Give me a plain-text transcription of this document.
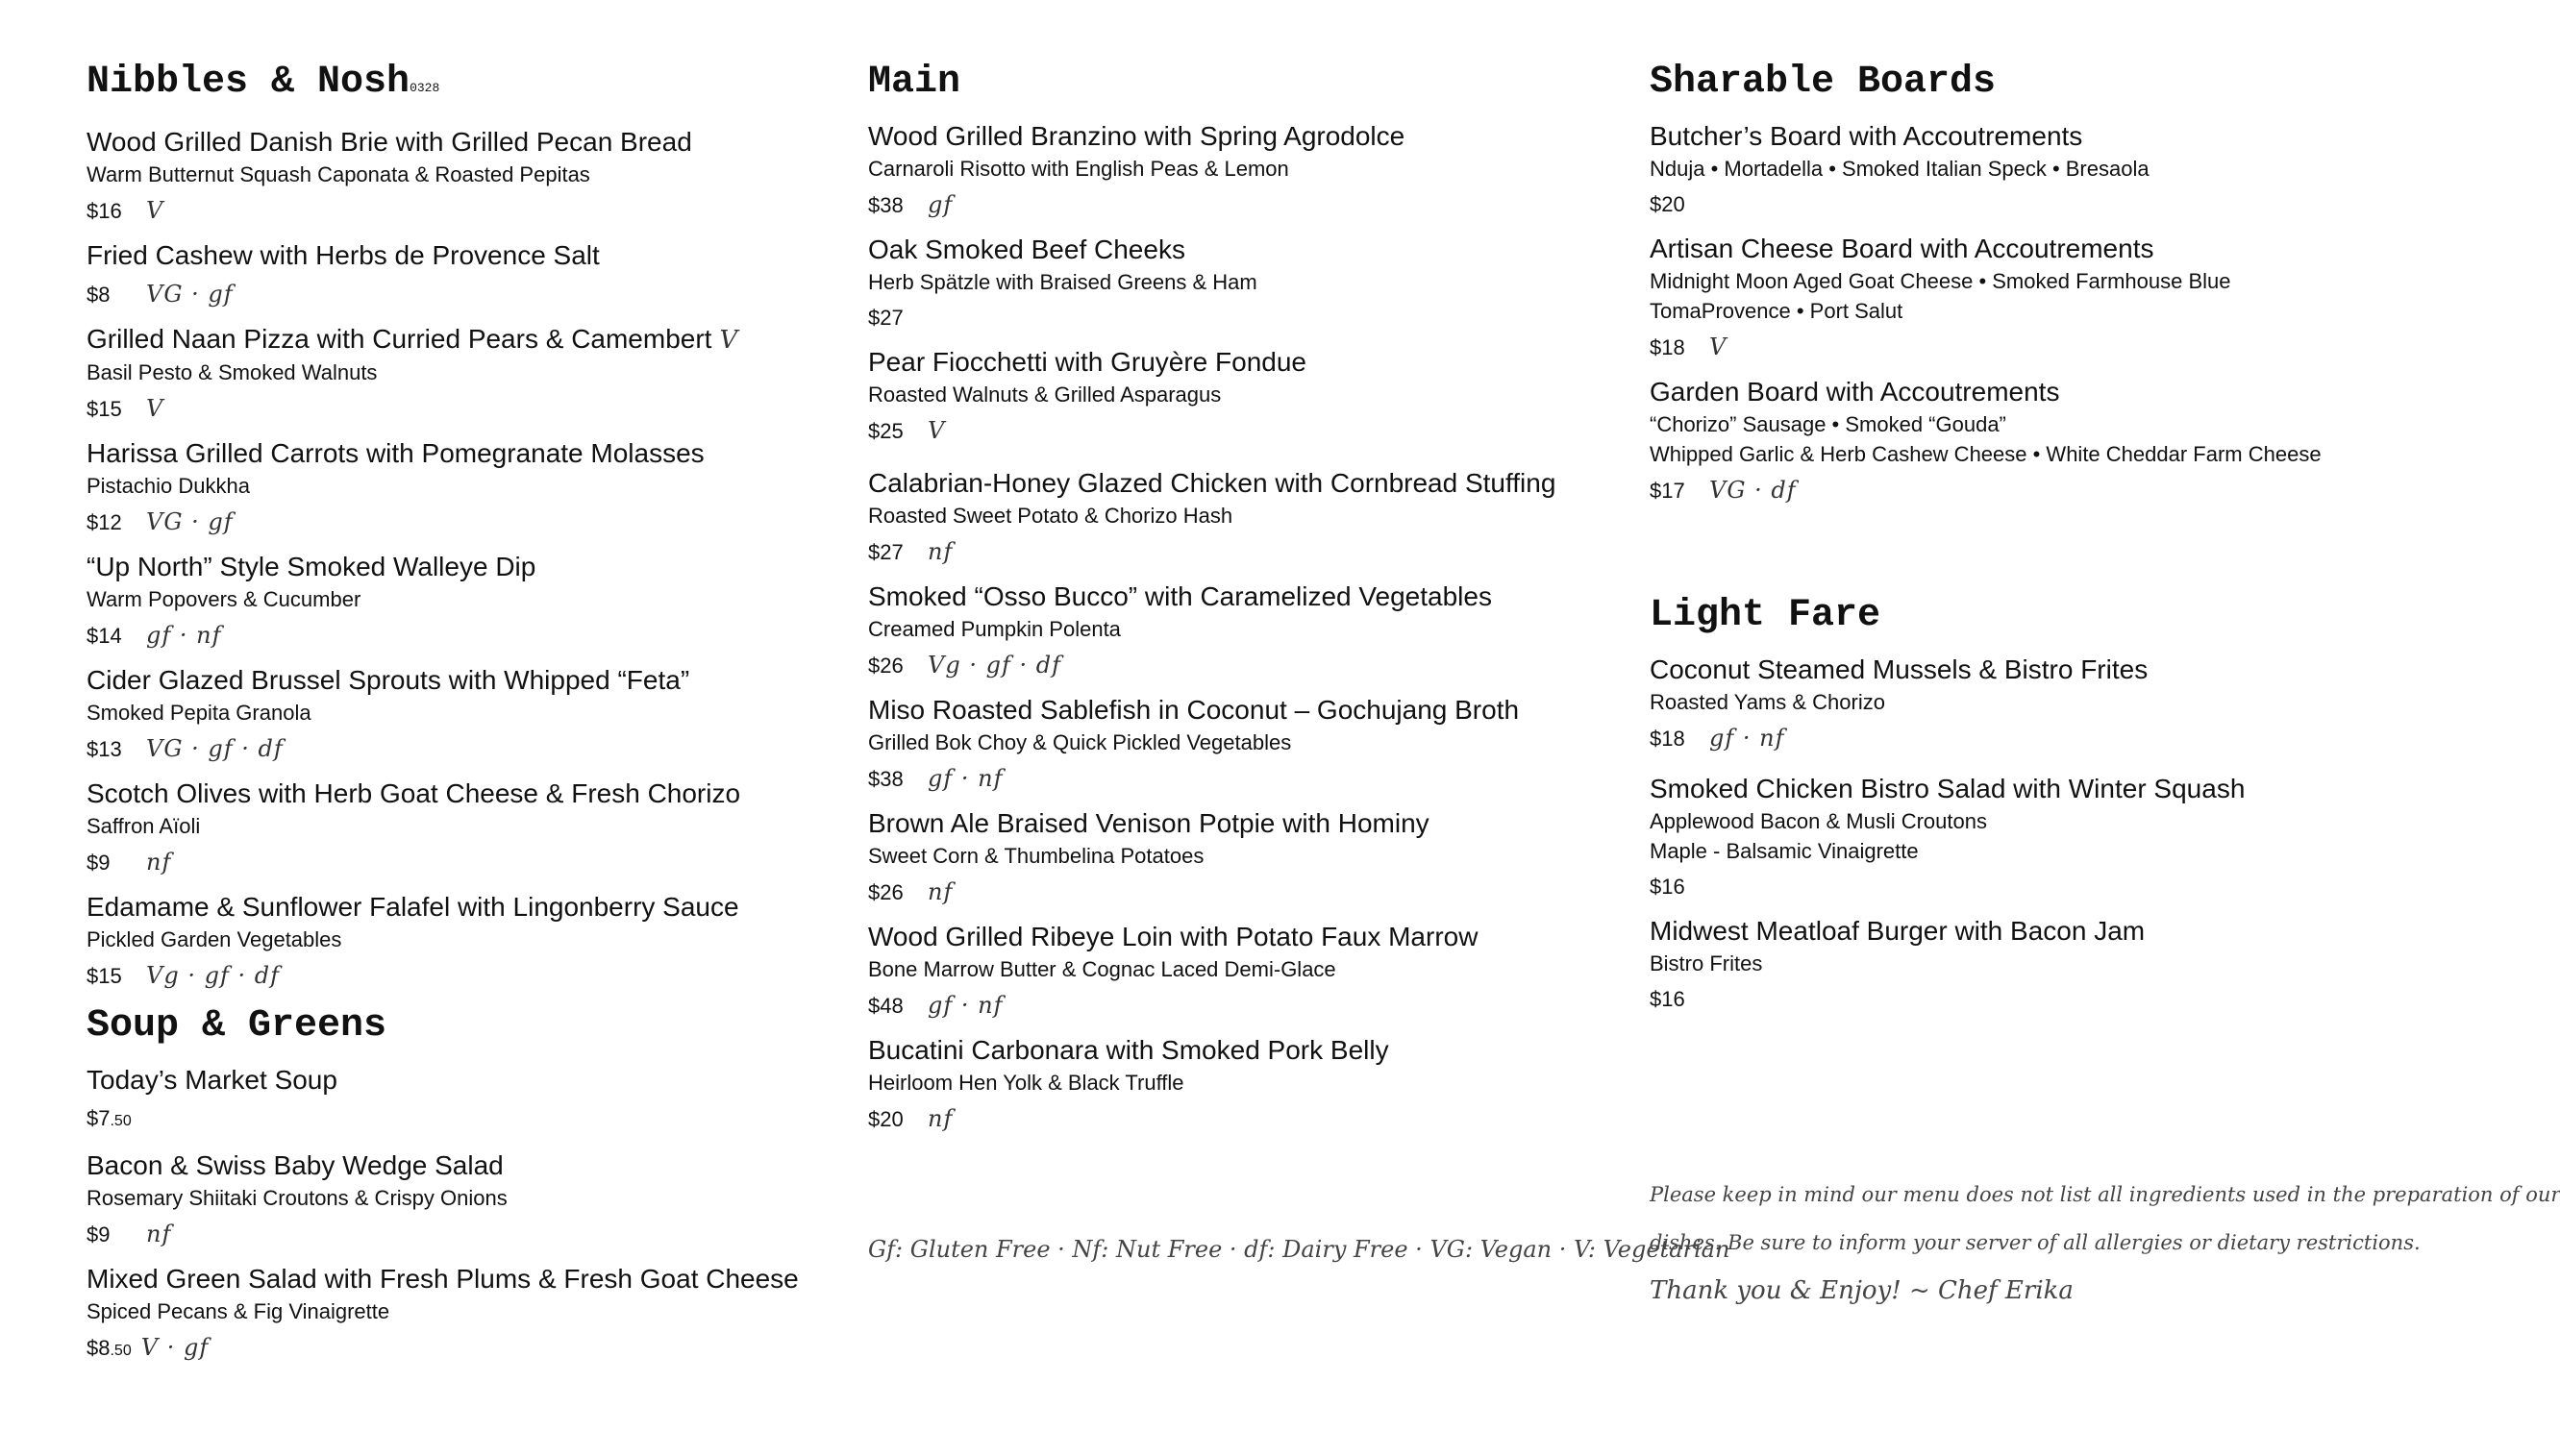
Nibbles & Nosh0328
Wood Grilled Danish Brie with Grilled Pecan Bread
Warm Butternut Squash Caponata & Roasted Pepitas
$16 V
Fried Cashew with Herbs de Provence Salt
$8 VG · gf
Grilled Naan Pizza with Curried Pears & Camembert V
Basil Pesto & Smoked Walnuts
$15 V
Harissa Grilled Carrots with Pomegranate Molasses
Pistachio Dukkha
$12 VG · gf
“Up North” Style Smoked Walleye Dip
Warm Popovers & Cucumber
$14 gf · nf
Cider Glazed Brussel Sprouts with Whipped “Feta”
Smoked Pepita Granola
$13 VG · gf · df
Scotch Olives with Herb Goat Cheese & Fresh Chorizo
Saffron Aïoli
$9 nf
Edamame & Sunflower Falafel with Lingonberry Sauce
Pickled Garden Vegetables
$15 Vg · gf · df
Soup & Greens
Today’s Market Soup
$7.50
Bacon & Swiss Baby Wedge Salad
Rosemary Shiitaki Croutons & Crispy Onions
$9 nf
Mixed Green Salad with Fresh Plums & Fresh Goat Cheese
Spiced Pecans & Fig Vinaigrette
$8.50 V · gf
Main
Wood Grilled Branzino with Spring Agrodolce
Carnaroli Risotto with English Peas & Lemon
$38 gf
Oak Smoked Beef Cheeks
Herb Spätzle with Braised Greens & Ham
$27
Pear Fiocchetti with Gruyère Fondue
Roasted Walnuts & Grilled Asparagus
$25 V
Calabrian-Honey Glazed Chicken with Cornbread Stuffing
Roasted Sweet Potato & Chorizo Hash
$27 nf
Smoked “Osso Bucco” with Caramelized Vegetables
Creamed Pumpkin Polenta
$26 Vg · gf · df
Miso Roasted Sablefish in Coconut – Gochujang Broth
Grilled Bok Choy & Quick Pickled Vegetables
$38 gf · nf
Brown Ale Braised Venison Potpie with Hominy
Sweet Corn & Thumbelina Potatoes
$26 nf
Wood Grilled Ribeye Loin with Potato Faux Marrow
Bone Marrow Butter & Cognac Laced Demi-Glace
$48 gf · nf
Bucatini Carbonara with Smoked Pork Belly
Heirloom Hen Yolk & Black Truffle
$20 nf
Gf: Gluten Free · Nf: Nut Free · df: Dairy Free · VG: Vegan · V: Vegetarian
Sharable Boards
Butcher’s Board with Accoutrements
Nduja • Mortadella • Smoked Italian Speck • Bresaola
$20
Artisan Cheese Board with Accoutrements
Midnight Moon Aged Goat Cheese • Smoked Farmhouse Blue
TomaProvence • Port Salut
$18 V
Garden Board with Accoutrements
“Chorizo” Sausage • Smoked “Gouda”
Whipped Garlic & Herb Cashew Cheese • White Cheddar Farm Cheese
$17 VG · df
Light Fare
Coconut Steamed Mussels & Bistro Frites
Roasted Yams & Chorizo
$18 gf · nf
Smoked Chicken Bistro Salad with Winter Squash
Applewood Bacon & Musli Croutons
Maple - Balsamic Vinaigrette
$16
Midwest Meatloaf Burger with Bacon Jam
Bistro Frites
$16
Please keep in mind our menu does not list all ingredients used in the preparation of our
dishes. Be sure to inform your server of all allergies or dietary restrictions.
Thank you & Enjoy! ~ Chef Erika
